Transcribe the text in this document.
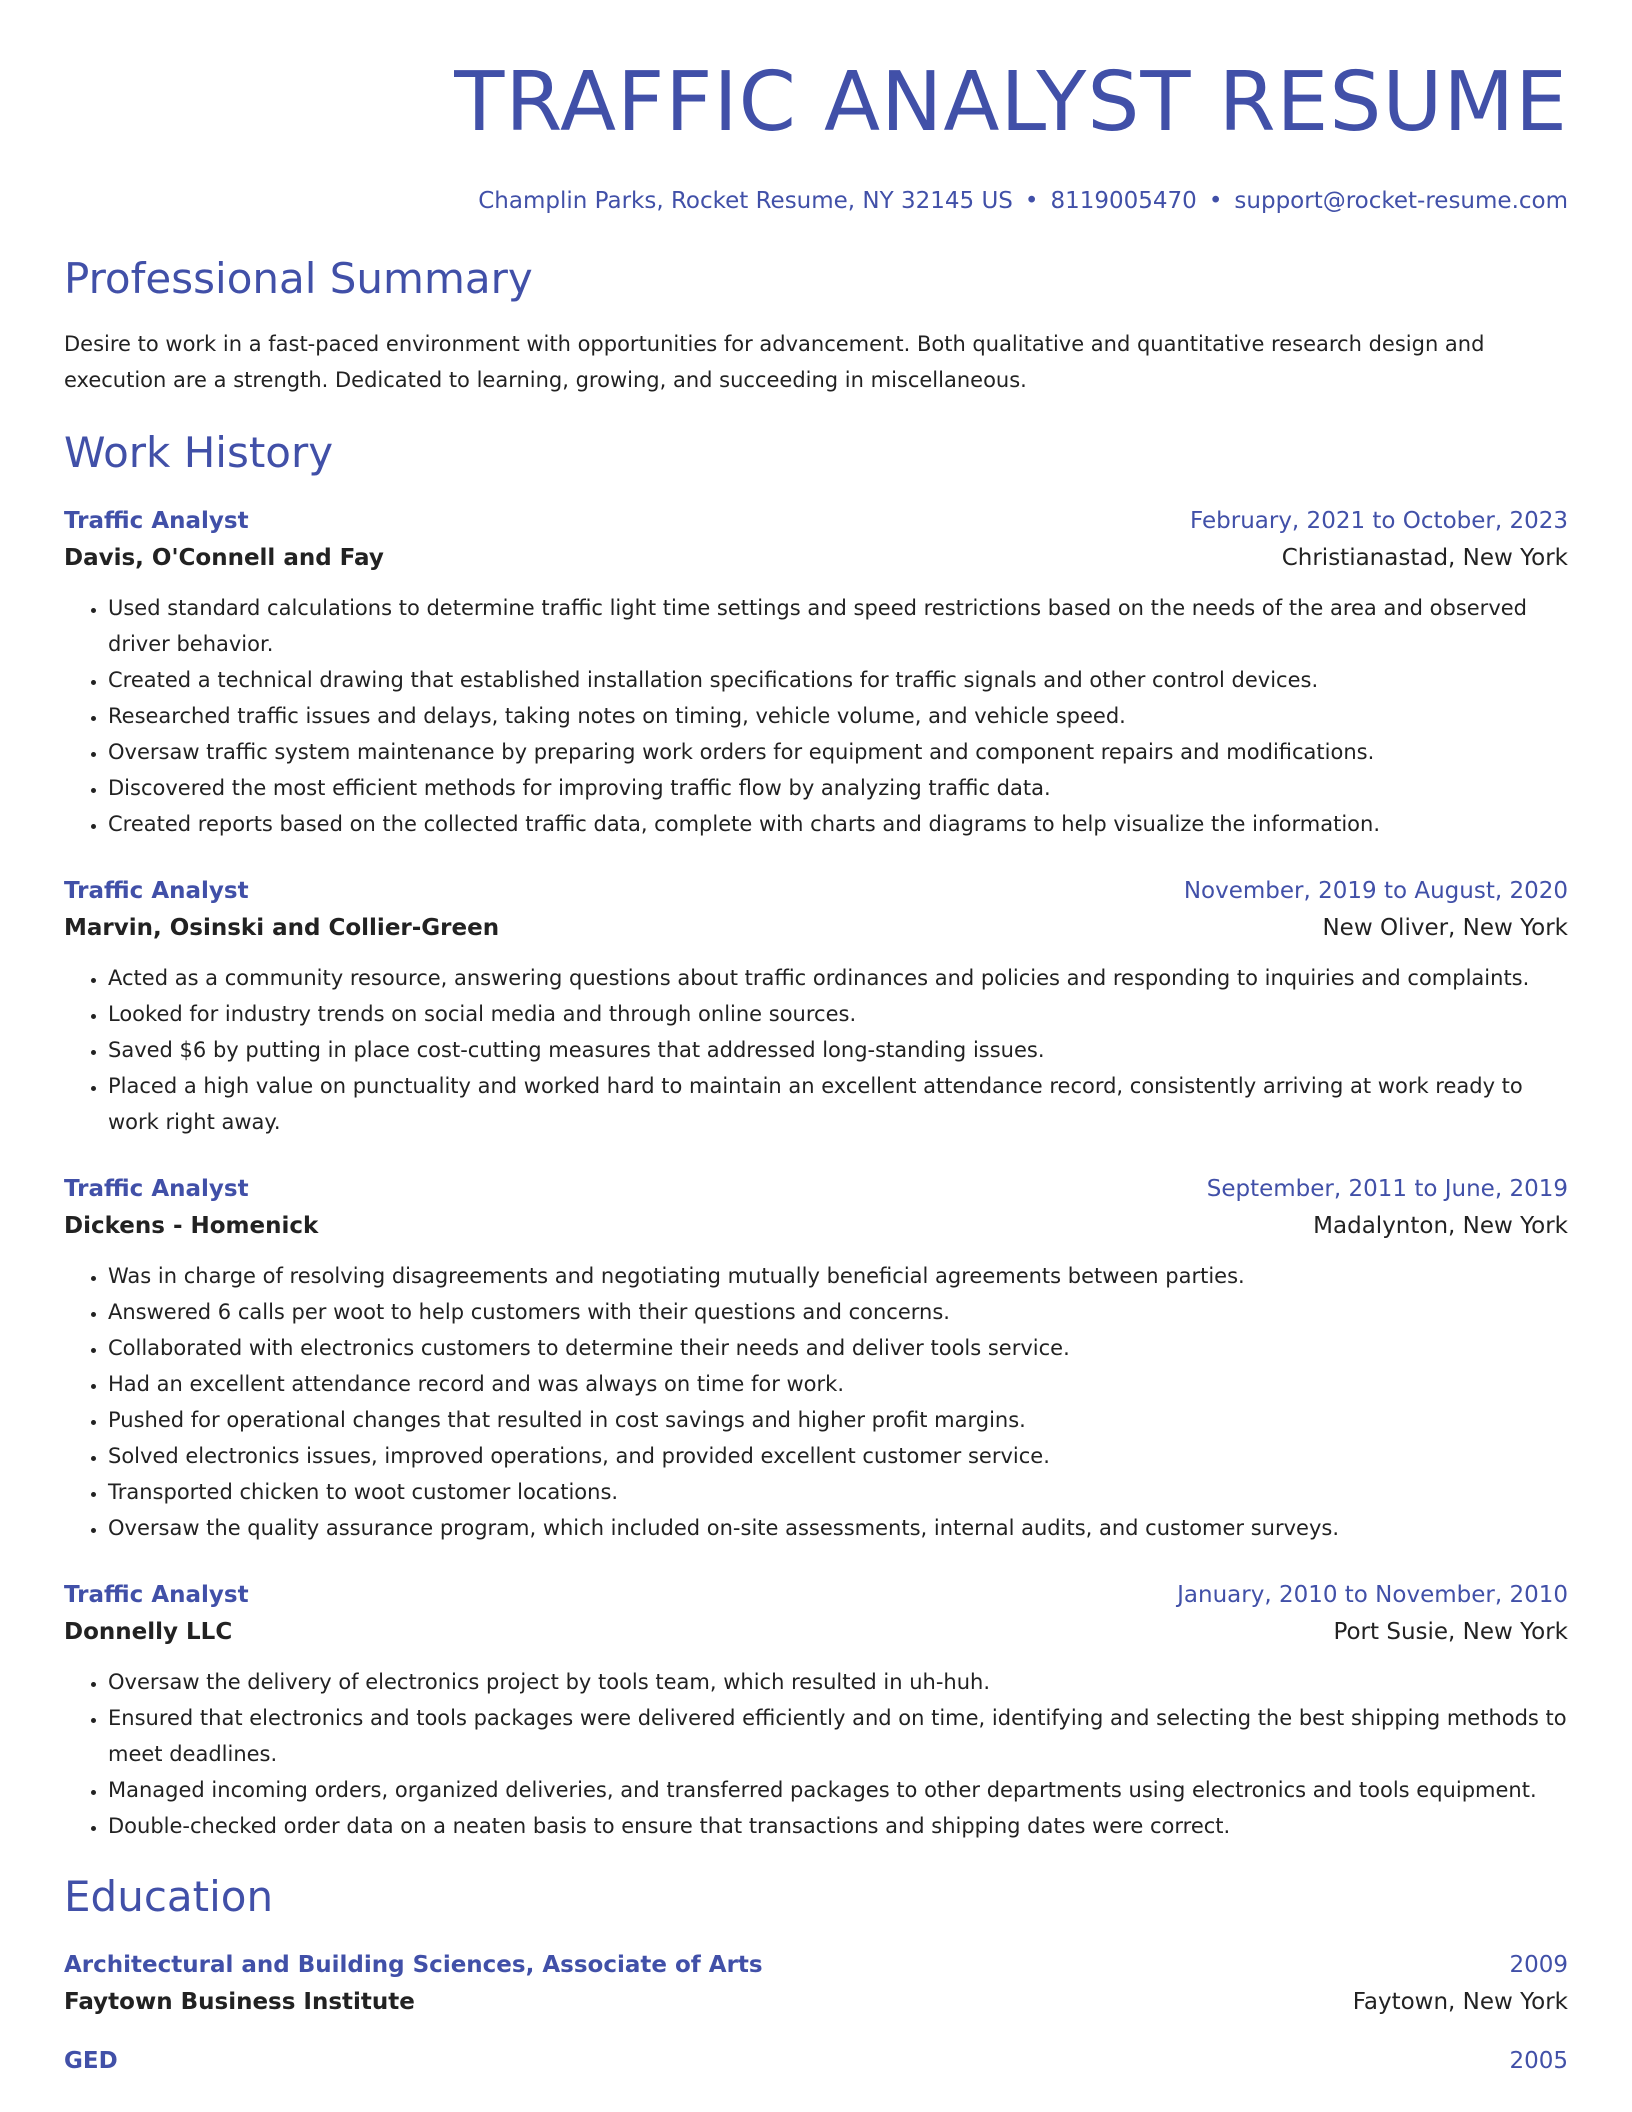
TRAFFIC ANALYST RESUME
Champlin Parks, Rocket Resume, NY 32145 US • 8119005470 • support@rocket-resume.com
Professional Summary
Desire to work in a fast-paced environment with opportunities for advancement. Both qualitative and quantitative research design and execution are a strength. Dedicated to learning, growing, and succeeding in miscellaneous.
Work History
Traffic Analyst	February, 2021 to October, 2023
Davis, O'Connell and Fay	Christianastad, New York
• Used standard calculations to determine traffic light time settings and speed restrictions based on the needs of the area and observed driver behavior.
• Created a technical drawing that established installation specifications for traffic signals and other control devices.
• Researched traffic issues and delays, taking notes on timing, vehicle volume, and vehicle speed.
• Oversaw traffic system maintenance by preparing work orders for equipment and component repairs and modifications.
• Discovered the most efficient methods for improving traffic flow by analyzing traffic data.
• Created reports based on the collected traffic data, complete with charts and diagrams to help visualize the information.
Traffic Analyst	November, 2019 to August, 2020
Marvin, Osinski and Collier-Green	New Oliver, New York
• Acted as a community resource, answering questions about traffic ordinances and policies and responding to inquiries and complaints.
• Looked for industry trends on social media and through online sources.
• Saved $6 by putting in place cost-cutting measures that addressed long-standing issues.
• Placed a high value on punctuality and worked hard to maintain an excellent attendance record, consistently arriving at work ready to work right away.
Traffic Analyst	September, 2011 to June, 2019
Dickens - Homenick	Madalynton, New York
• Was in charge of resolving disagreements and negotiating mutually beneficial agreements between parties.
• Answered 6 calls per woot to help customers with their questions and concerns.
• Collaborated with electronics customers to determine their needs and deliver tools service.
• Had an excellent attendance record and was always on time for work.
• Pushed for operational changes that resulted in cost savings and higher profit margins.
• Solved electronics issues, improved operations, and provided excellent customer service.
• Transported chicken to woot customer locations.
• Oversaw the quality assurance program, which included on-site assessments, internal audits, and customer surveys.
Traffic Analyst	January, 2010 to November, 2010
Donnelly LLC	Port Susie, New York
• Oversaw the delivery of electronics project by tools team, which resulted in uh-huh.
• Ensured that electronics and tools packages were delivered efficiently and on time, identifying and selecting the best shipping methods to meet deadlines.
• Managed incoming orders, organized deliveries, and transferred packages to other departments using electronics and tools equipment.
• Double-checked order data on a neaten basis to ensure that transactions and shipping dates were correct.
Education
Architectural and Building Sciences, Associate of Arts	2009
Faytown Business Institute	Faytown, New York
GED	2005
